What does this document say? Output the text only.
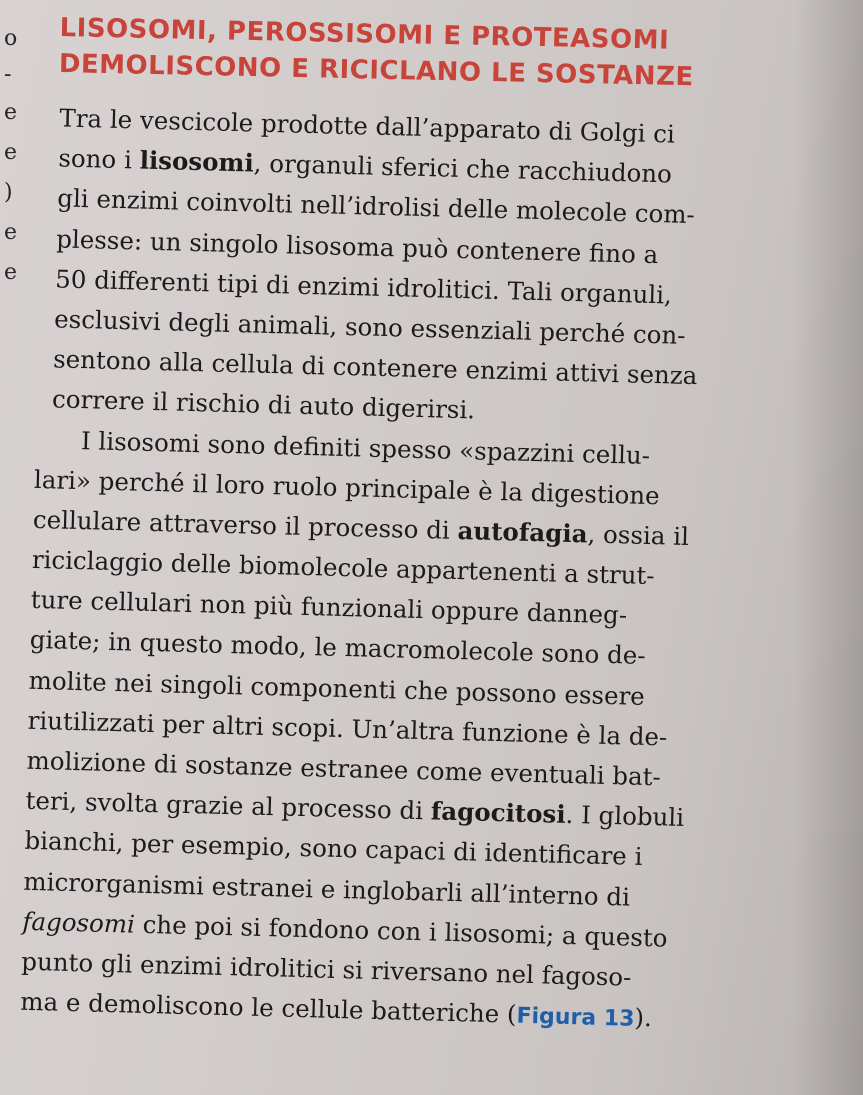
o
-
e
e
)
e
e
LISOSOMI, PEROSSISOMI E PROTEASOMI
DEMOLISCONO E RICICLANO LE SOSTANZE
Tra le vescicole prodotte dall’apparato di Golgi ci
sono i lisosomi, organuli sferici che racchiudono
gli enzimi coinvolti nell’idrolisi delle molecole com-
plesse: un singolo lisosoma può contenere fino a
50 differenti tipi di enzimi idrolitici. Tali organuli,
esclusivi degli animali, sono essenziali perché con-
sentono alla cellula di contenere enzimi attivi senza
correre il rischio di auto digerirsi.
I lisosomi sono definiti spesso «spazzini cellu-
lari» perché il loro ruolo principale è la digestione
cellulare attraverso il processo di autofagia, ossia il
riciclaggio delle biomolecole appartenenti a strut-
ture cellulari non più funzionali oppure danneg-
giate; in questo modo, le macromolecole sono de-
molite nei singoli componenti che possono essere
riutilizzati per altri scopi. Un’altra funzione è la de-
molizione di sostanze estranee come eventuali bat-
teri, svolta grazie al processo di fagocitosi. I globuli
bianchi, per esempio, sono capaci di identificare i
microrganismi estranei e inglobarli all’interno di
fagosomi che poi si fondono con i lisosomi; a questo
punto gli enzimi idrolitici si riversano nel fagoso-
ma e demoliscono le cellule batteriche (Figura 13).
